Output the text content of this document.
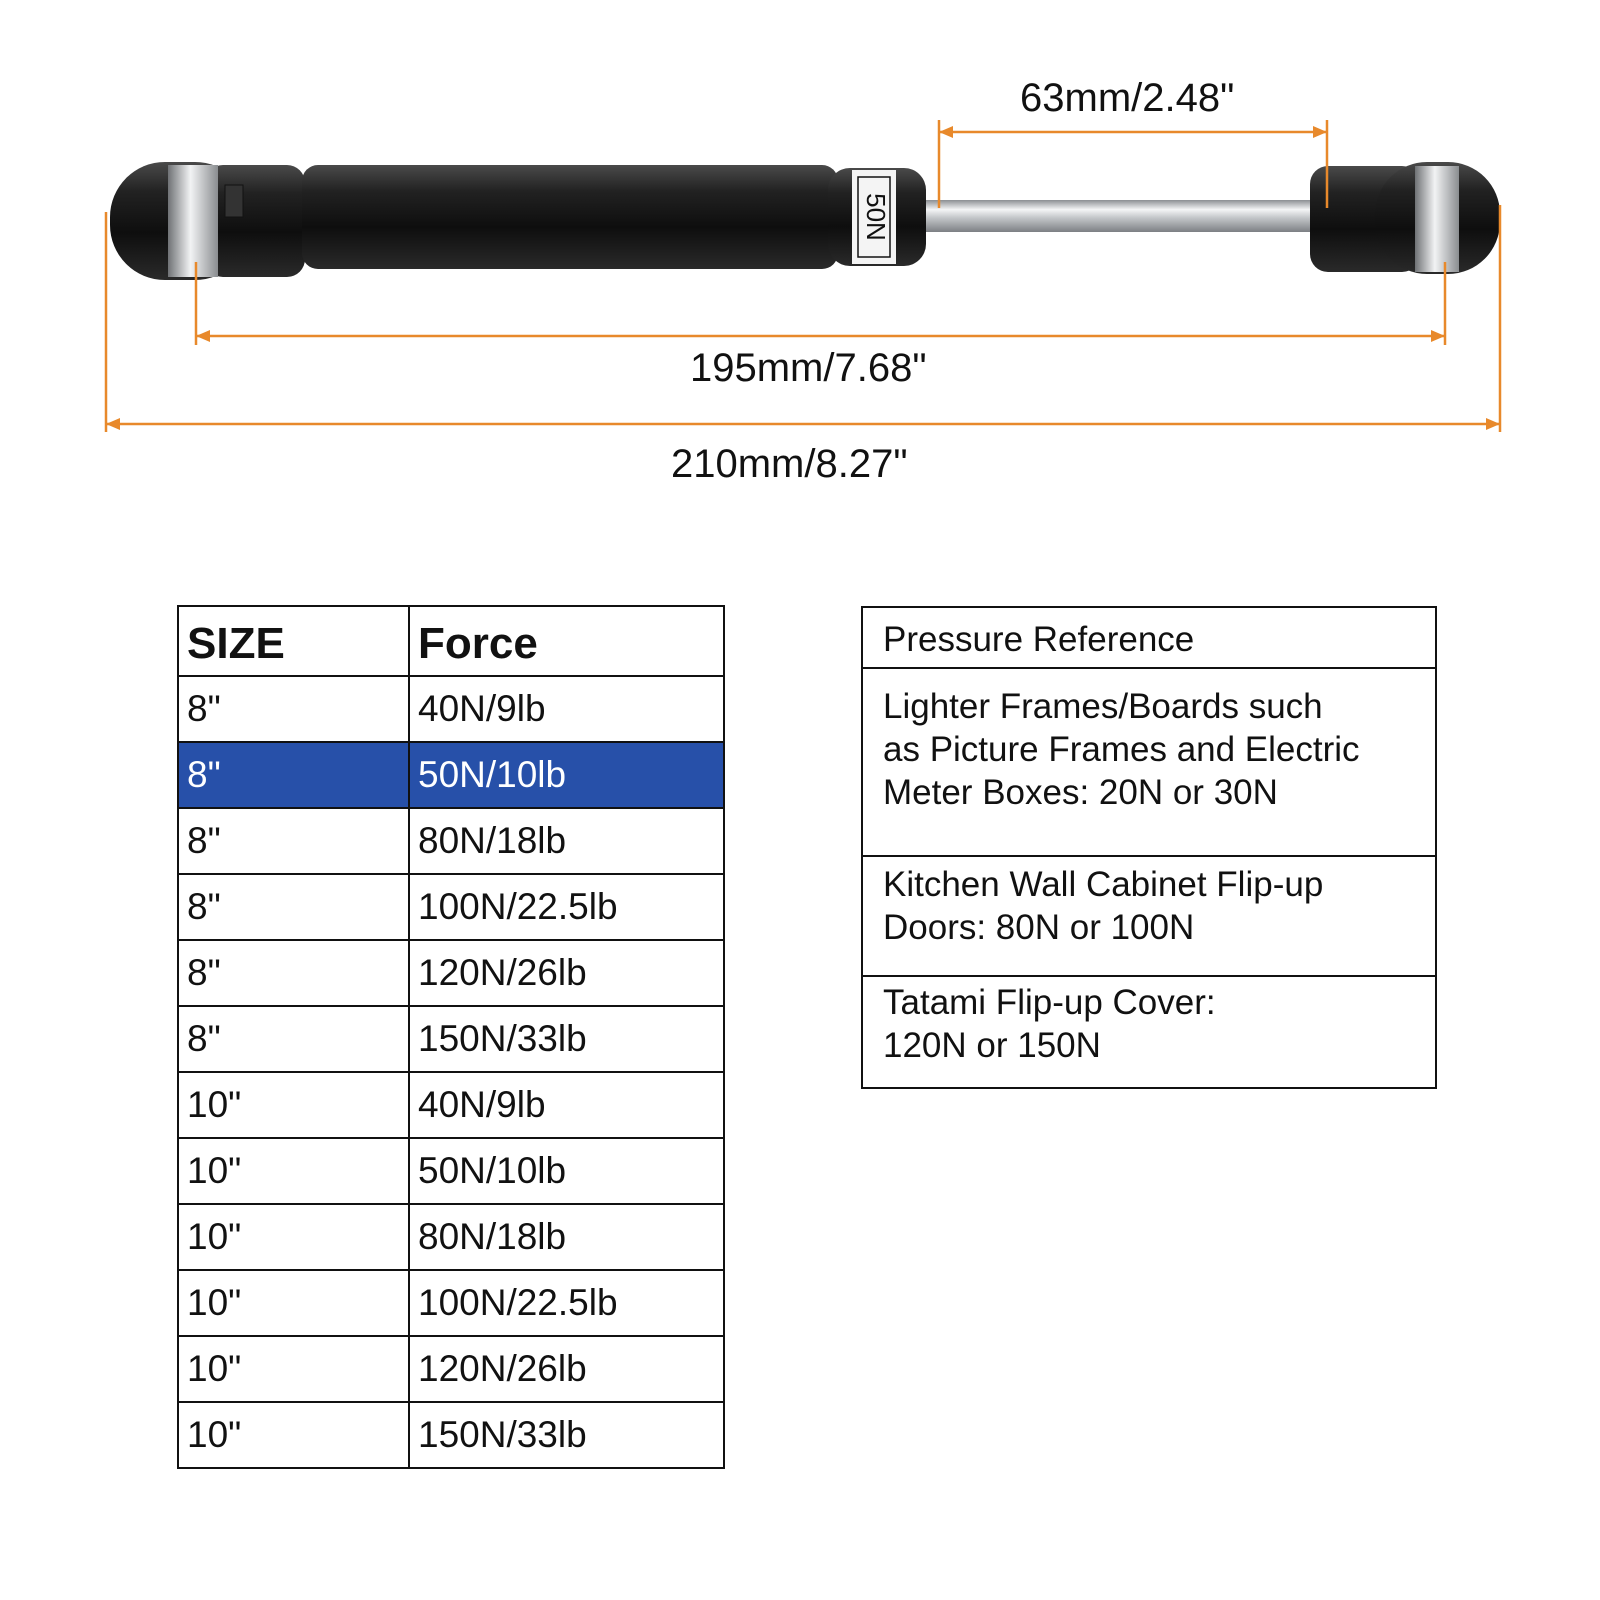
50N
63mm/2.48"
195mm/7.68"
210mm/8.27"
SIZE	Force
8"	40N/9lb
8"	50N/10lb
8"	80N/18lb
8"	100N/22.5lb
8"	120N/26lb
8"	150N/33lb
10"	40N/9lb
10"	50N/10lb
10"	80N/18lb
10"	100N/22.5lb
10"	120N/26lb
10"	150N/33lb
Pressure Reference

Lighter Frames/Boards such
as Picture Frames and Electric
Meter Boxes: 20N or 30N

Kitchen Wall Cabinet Flip-up
Doors: 80N or 100N

Tatami Flip-up Cover:
120N or 150N
